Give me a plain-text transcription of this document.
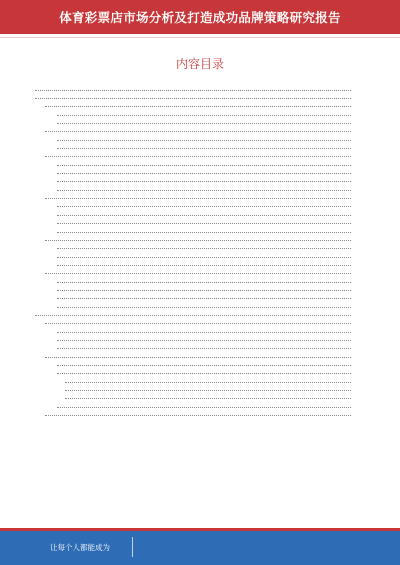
体育彩票店市场分析及打造成功品牌策略研究报告
内容目录
让每个人都能成为
